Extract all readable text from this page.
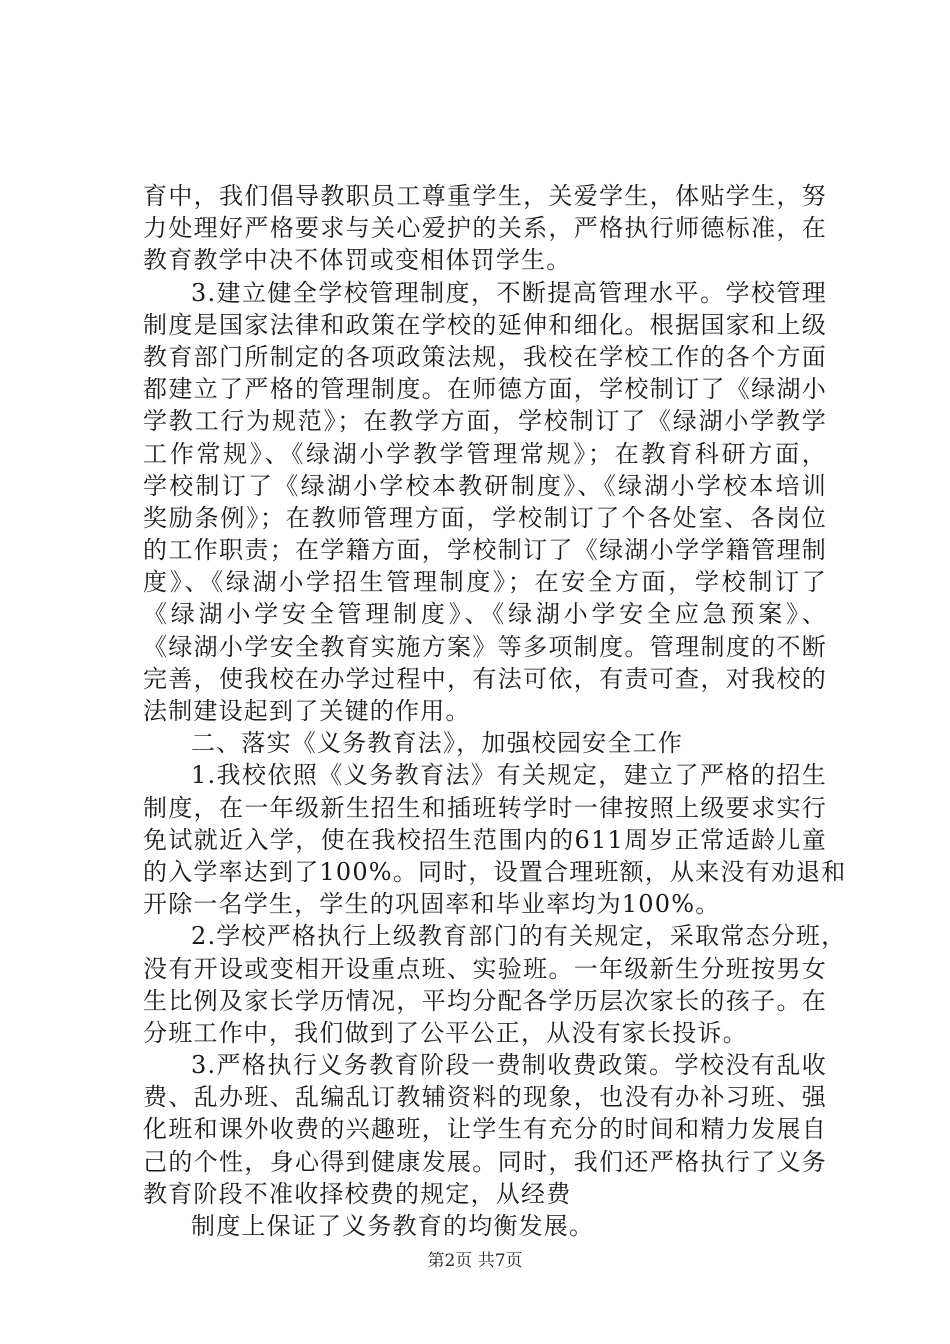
育中，我们倡导教职员工尊重学生，关爱学生，体贴学生，努
力处理好严格要求与关心爱护的关系，严格执行师德标准，在
教育教学中决不体罚或变相体罚学生。
3.建立健全学校管理制度，不断提高管理水平。学校管理
制度是国家法律和政策在学校的延伸和细化。根据国家和上级
教育部门所制定的各项政策法规，我校在学校工作的各个方面
都建立了严格的管理制度。在师德方面，学校制订了《绿湖小
学教工行为规范》；在教学方面，学校制订了《绿湖小学教学
工作常规》、《绿湖小学教学管理常规》；在教育科研方面，
学校制订了《绿湖小学校本教研制度》、《绿湖小学校本培训
奖励条例》；在教师管理方面，学校制订了个各处室、各岗位
的工作职责；在学籍方面，学校制订了《绿湖小学学籍管理制
度》、《绿湖小学招生管理制度》；在安全方面，学校制订了
《绿湖小学安全管理制度》、《绿湖小学安全应急预案》、
《绿湖小学安全教育实施方案》等多项制度。管理制度的不断
完善，使我校在办学过程中，有法可依，有责可查，对我校的
法制建设起到了关键的作用。
二、落实《义务教育法》，加强校园安全工作
1.我校依照《义务教育法》有关规定，建立了严格的招生
制度，在一年级新生招生和插班转学时一律按照上级要求实行
免试就近入学，使在我校招生范围内的611周岁正常适龄儿童
的入学率达到了100%。同时，设置合理班额，从来没有劝退和
开除一名学生，学生的巩固率和毕业率均为100%。
2.学校严格执行上级教育部门的有关规定，采取常态分班，
没有开设或变相开设重点班、实验班。一年级新生分班按男女
生比例及家长学历情况，平均分配各学历层次家长的孩子。在
分班工作中，我们做到了公平公正，从没有家长投诉。
3.严格执行义务教育阶段一费制收费政策。学校没有乱收
费、乱办班、乱编乱订教辅资料的现象，也没有办补习班、强
化班和课外收费的兴趣班，让学生有充分的时间和精力发展自
己的个性，身心得到健康发展。同时，我们还严格执行了义务
教育阶段不准收择校费的规定，从经费
制度上保证了义务教育的均衡发展。
第2页 共7页
